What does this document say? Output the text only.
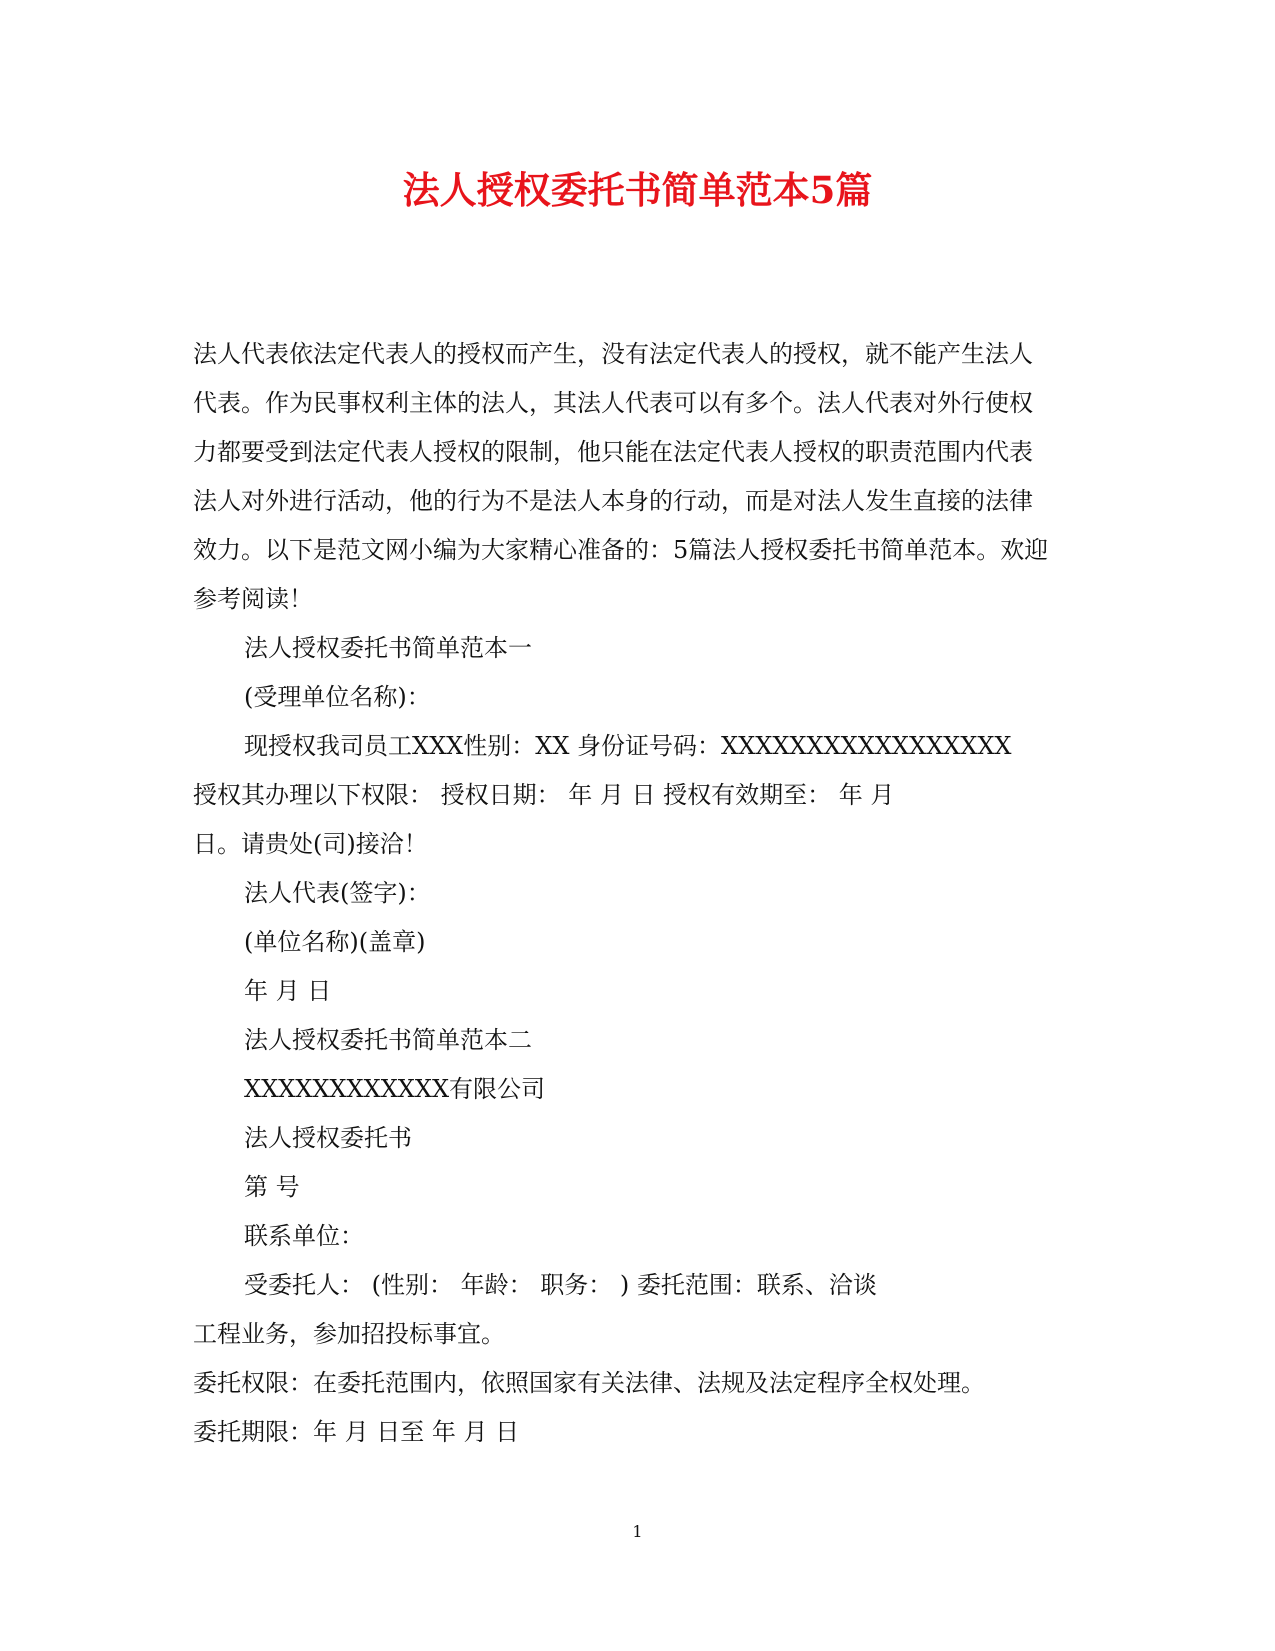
法人授权委托书简单范本5篇
法人代表依法定代表人的授权而产生，没有法定代表人的授权，就不能产生法人
代表。作为民事权利主体的法人，其法人代表可以有多个。法人代表对外行使权
力都要受到法定代表人授权的限制，他只能在法定代表人授权的职责范围内代表
法人对外进行活动，他的行为不是法人本身的行动，而是对法人发生直接的法律
效力。以下是范文网小编为大家精心准备的：5篇法人授权委托书简单范本。欢迎
参考阅读！
法人授权委托书简单范本一
(受理单位名称)：
现授权我司员工XXX性别：XX 身份证号码：XXXXXXXXXXXXXXXXX
授权其办理以下权限： 授权日期： 年 月 日 授权有效期至： 年 月
日。请贵处(司)接洽！
法人代表(签字)：
(单位名称)(盖章)
年 月 日
法人授权委托书简单范本二
XXXXXXXXXXXX有限公司
法人授权委托书
第 号
联系单位：
受委托人： (性别： 年龄： 职务： ) 委托范围：联系、洽谈
工程业务，参加招投标事宜。
委托权限：在委托范围内，依照国家有关法律、法规及法定程序全权处理。
委托期限：年 月 日至 年 月 日
1
